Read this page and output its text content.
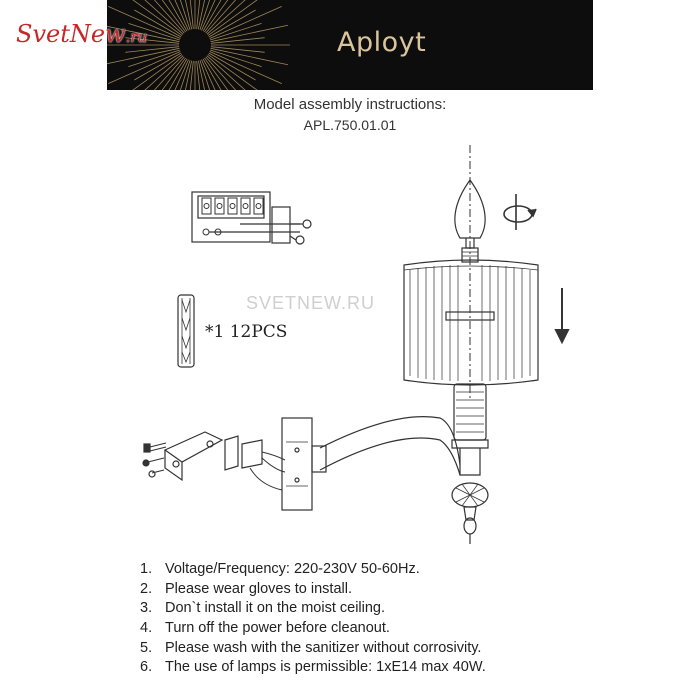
Aployt
SvetNew.ru
Model assembly instructions:
APL.750.01.01
SVETNEW.RU
*1 12PCS
1. Voltage/Frequency: 220-230V 50-60Hz.
2. Please wear gloves to install.
3. Don`t install it on the moist ceiling.
4. Turn off the power before cleanout.
5. Please wash with the sanitizer without corrosivity.
6. The use of lamps is permissible: 1xE14 max 40W.
